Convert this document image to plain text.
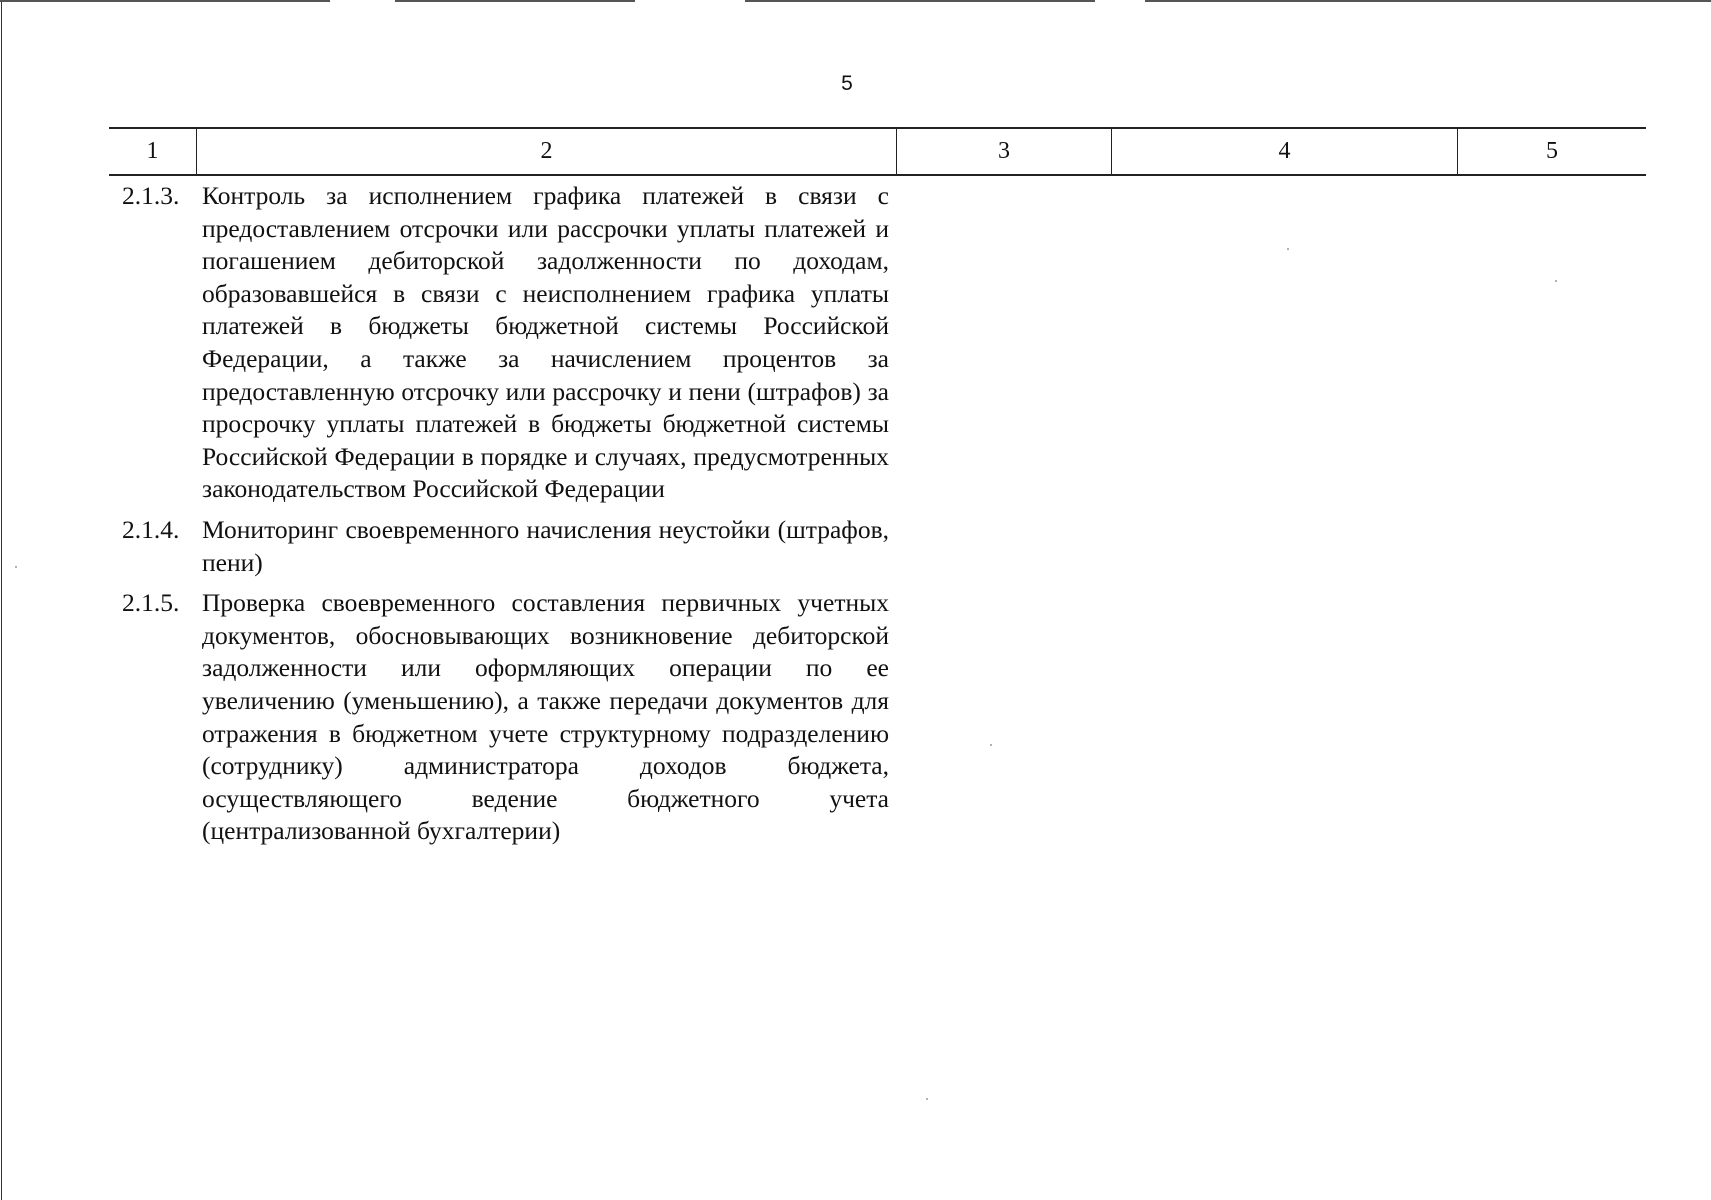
5
1	2	3	4	5
2.1.3. Контроль за исполнением графика платежей в связи с предоставлением отсрочки или рассрочки уплаты платежей и погашением дебиторской задолженности по доходам, образовавшейся в связи с неисполнением графика уплаты платежей в бюджеты бюджетной системы Российской Федерации, а также за начислением процентов за предоставленную отсрочку или рассрочку и пени (штрафов) за просрочку уплаты платежей в бюджеты бюджетной системы Российской Федерации в порядке и случаях, предусмотренных законодательством Российской Федерации
2.1.4. Мониторинг своевременного начисления неустойки (штрафов, пени)
2.1.5. Проверка своевременного составления первичных учетных документов, обосновывающих возникновение дебиторской задолженности или оформляющих операции по ее увеличению (уменьшению), а также передачи документов для отражения в бюджетном учете структурному подразделению (сотруднику) администратора доходов бюджета, осуществляющего ведение бюджетного учета (централизованной бухгалтерии)
